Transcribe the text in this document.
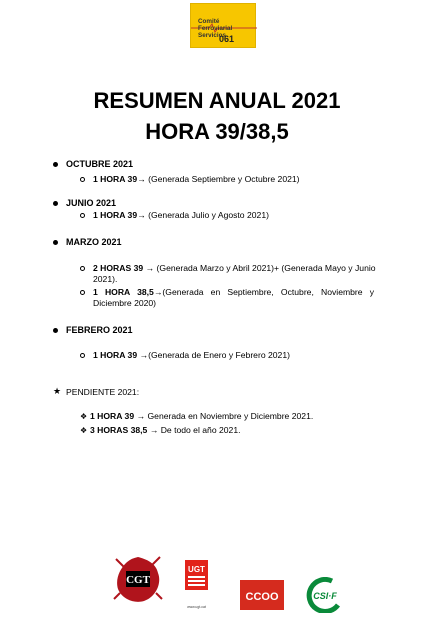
Comité
Ferroviarial Servicios
061
RESUMEN ANUAL 2021
HORA 39/38,5
OCTUBRE 2021
1 HORA 39→ (Generada Septiembre y Octubre 2021)
JUNIO 2021
1 HORA 39→ (Generada Julio y Agosto 2021)
MARZO 2021
2 HORAS 39 → (Generada Marzo y Abril 2021)+ (Generada Mayo y Junio
2021).
1   HORA   38,5→(Generada   en   Septiembre,   Octubre,   Noviembre   y
Diciembre 2020)
FEBRERO 2021
1 HORA 39 →(Generada de Enero y Febrero 2021)
★ PENDIENTE 2021:
❖ 1 HORA 39 → Generada en Noviembre y Diciembre 2021.
❖ 3 HORAS 38,5 → De todo el año 2021.
CGT
UGT
www.ugt.cat
CCOO	CSI·F
